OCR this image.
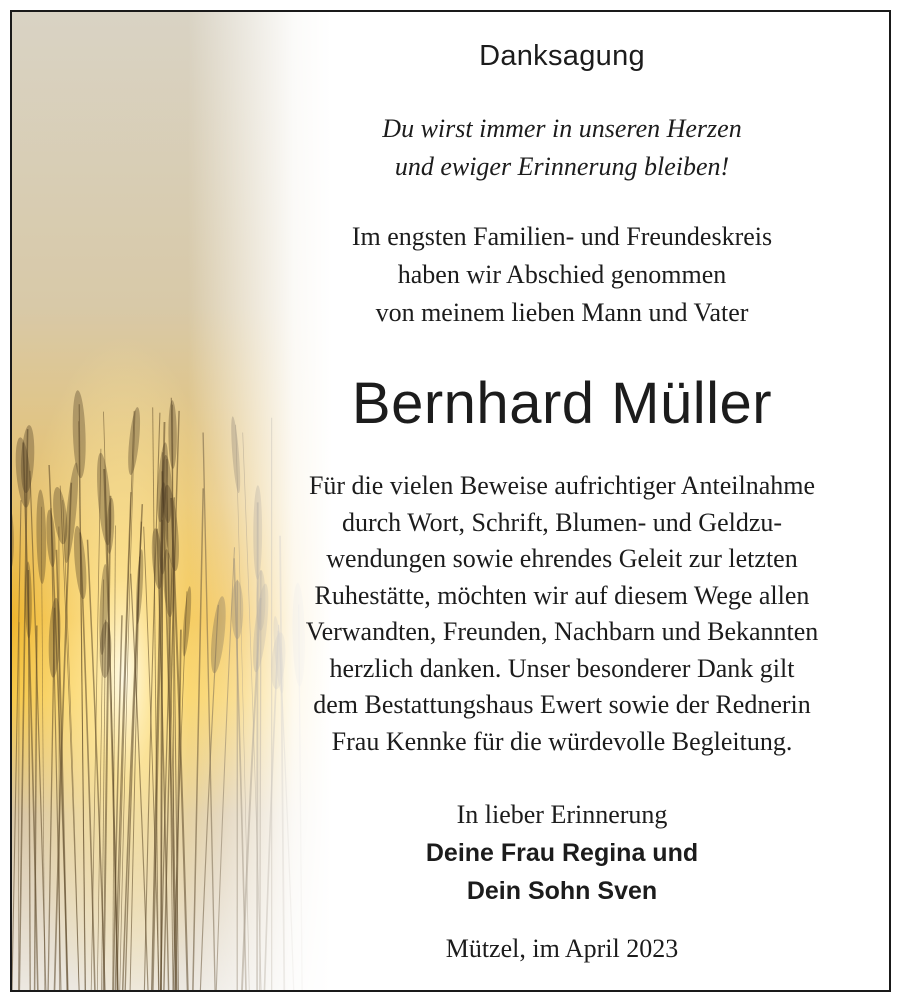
Danksagung
Du wirst immer in unseren Herzen
und ewiger Erinnerung bleiben!
Im engsten Familien- und Freundeskreis
haben wir Abschied genommen
von meinem lieben Mann und Vater
Bernhard Müller
Für die vielen Beweise aufrichtiger Anteilnahme
durch Wort, Schrift, Blumen- und Geldzu-
wendungen sowie ehrendes Geleit zur letzten
Ruhestätte, möchten wir auf diesem Wege allen
Verwandten, Freunden, Nachbarn und Bekannten
herzlich danken. Unser besonderer Dank gilt
dem Bestattungshaus Ewert sowie der Rednerin
Frau Kennke für die würdevolle Begleitung.
In lieber Erinnerung
Deine Frau Regina und
Dein Sohn Sven
Mützel, im April 2023
